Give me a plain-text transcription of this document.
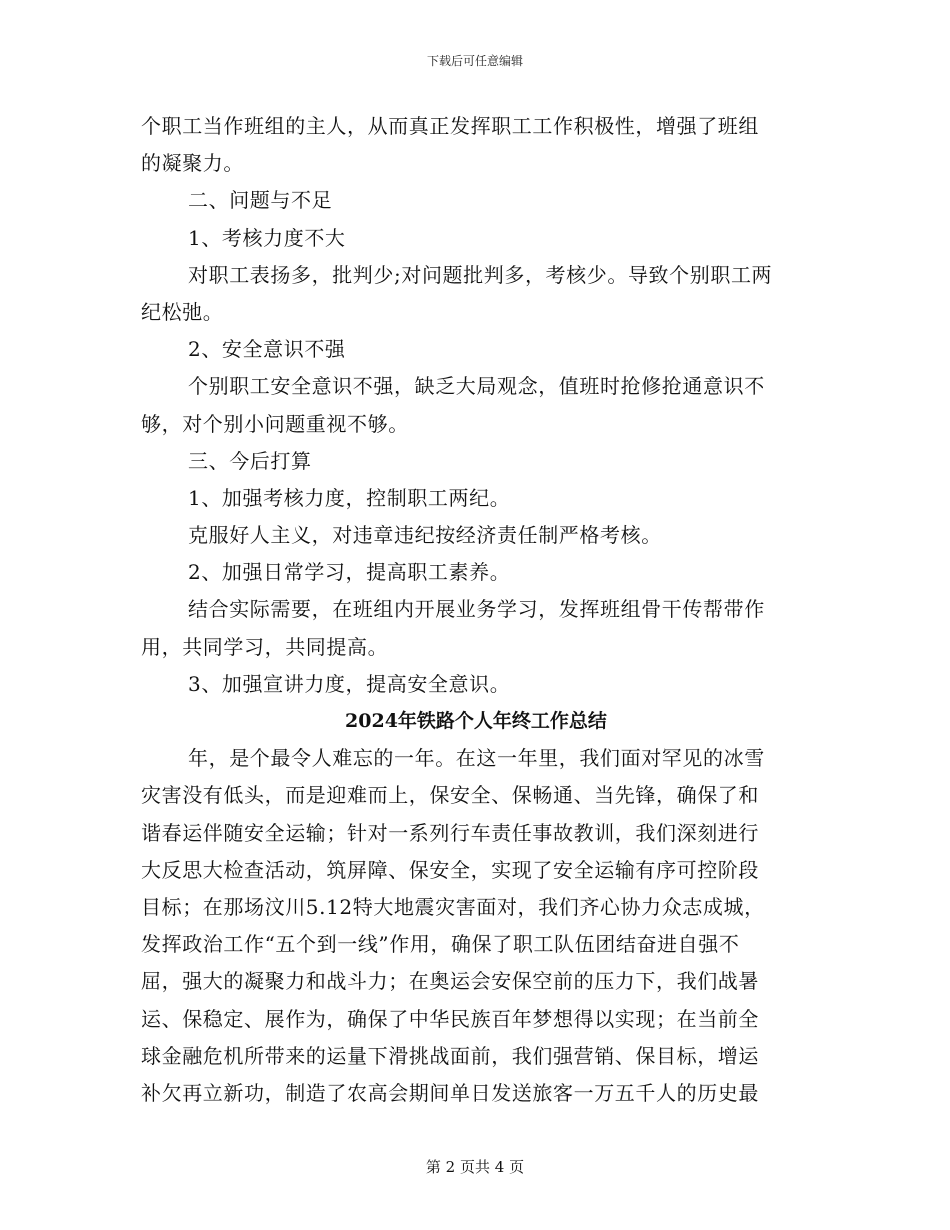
下载后可任意编辑
个职工当作班组的主人，从而真正发挥职工工作积极性，增强了班组
的凝聚力。
二、问题与不足
1、考核力度不大
对职工表扬多，批判少;对问题批判多，考核少。导致个别职工两
纪松弛。
2、安全意识不强
个别职工安全意识不强，缺乏大局观念，值班时抢修抢通意识不
够，对个别小问题重视不够。
三、今后打算
1、加强考核力度，控制职工两纪。
克服好人主义，对违章违纪按经济责任制严格考核。
2、加强日常学习，提高职工素养。
结合实际需要，在班组内开展业务学习，发挥班组骨干传帮带作
用，共同学习，共同提高。
3、加强宣讲力度，提高安全意识。
2024年铁路个人年终工作总结
年，是个最令人难忘的一年。在这一年里，我们面对罕见的冰雪
灾害没有低头，而是迎难而上，保安全、保畅通、当先锋，确保了和
谐春运伴随安全运输；针对一系列行车责任事故教训，我们深刻进行
大反思大检查活动，筑屏障、保安全，实现了安全运输有序可控阶段
目标；在那场汶川5.12特大地震灾害面对，我们齐心协力众志成城，
发挥政治工作“五个到一线”作用，确保了职工队伍团结奋进自强不
屈，强大的凝聚力和战斗力；在奥运会安保空前的压力下，我们战暑
运、保稳定、展作为，确保了中华民族百年梦想得以实现；在当前全
球金融危机所带来的运量下滑挑战面前，我们强营销、保目标，增运
补欠再立新功，制造了农高会期间单日发送旅客一万五千人的历史最
第 2 页共 4 页
